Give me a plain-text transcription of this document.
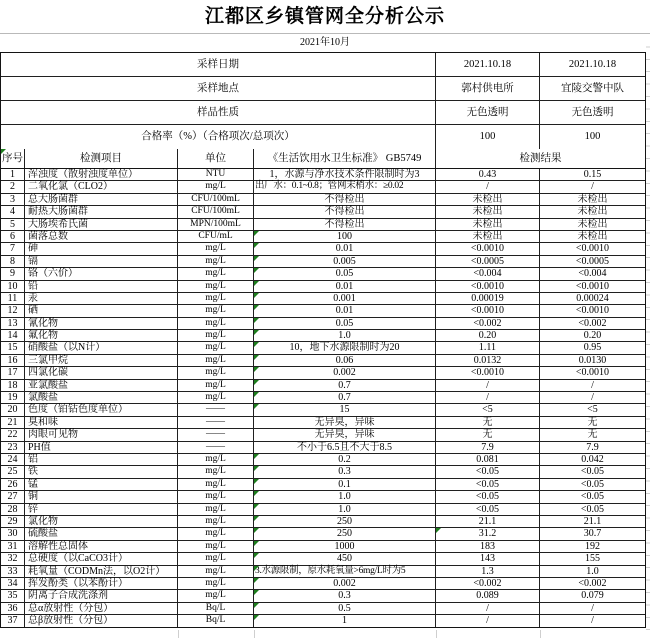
江都区乡镇管网全分析公示
2021年10月
采样日期	2021.10.18	2021.10.18
采样地点	郭村供电所	宜陵交警中队
样品性质	无色透明	无色透明
合格率（%）（合格项次/总项次）	100	100
序号	检测项目	单位	《生活饮用水卫生标准》 GB5749	检测结果
1	浑浊度（散射浊度单位）	NTU	1，水源与净水技术条件限制时为3	0.43	0.15
2	二氧化氯（CLO2）	mg/L	出厂水：0.1~0.8；管网末梢水：≥0.02	/	/
3	总大肠菌群	CFU/100mL	不得检出	未检出	未检出
4	耐热大肠菌群	CFU/100mL	不得检出	未检出	未检出
5	大肠埃希氏菌	MPN/100mL	不得检出	未检出	未检出
6	菌落总数	CFU/mL	100	未检出	未检出
7	砷	mg/L	0.01	<0.0010	<0.0010
8	镉	mg/L	0.005	<0.0005	<0.0005
9	铬（六价）	mg/L	0.05	<0.004	<0.004
10	铅	mg/L	0.01	<0.0010	<0.0010
11	汞	mg/L	0.001	0.00019	0.00024
12	硒	mg/L	0.01	<0.0010	<0.0010
13	氰化物	mg/L	0.05	<0.002	<0.002
14	氟化物	mg/L	1.0	0.20	0.20
15	硝酸盐（以N计）	mg/L	10，地下水源限制时为20	1.11	0.95
16	三氯甲烷	mg/L	0.06	0.0132	0.0130
17	四氯化碳	mg/L	0.002	<0.0010	<0.0010
18	亚氯酸盐	mg/L	0.7	/	/
19	氯酸盐	mg/L	0.7	/	/
20	色度（铂钴色度单位）	——	15	<5	<5
21	臭和味	——	无异臭，异味	无	无
22	肉眼可见物	——	无异臭，异味	无	无
23	PH值	——	不小于6.5且不大于8.5	7.9	7.9
24	铝	mg/L	0.2	0.081	0.042
25	铁	mg/L	0.3	<0.05	<0.05
26	锰	mg/L	0.1	<0.05	<0.05
27	铜	mg/L	1.0	<0.05	<0.05
28	锌	mg/L	1.0	<0.05	<0.05
29	氯化物	mg/L	250	21.1	21.1
30	硫酸盐	mg/L	250	31.2	30.7
31	溶解性总固体	mg/L	1000	183	192
32	总硬度（以CaCO3计）	mg/L	450	143	155
33	耗氧量（CODMn法，以O2计）	mg/L	3.水源限制，原水耗氧量>6mg/L时为5	1.3	1.0
34	挥发酚类（以苯酚计）	mg/L	0.002	<0.002	<0.002
35	阴离子合成洗涤剂	mg/L	0.3	0.089	0.079
36	总α放射性（分包）	Bq/L	0.5	/	/
37	总β放射性（分包）	Bq/L	1	/	/
